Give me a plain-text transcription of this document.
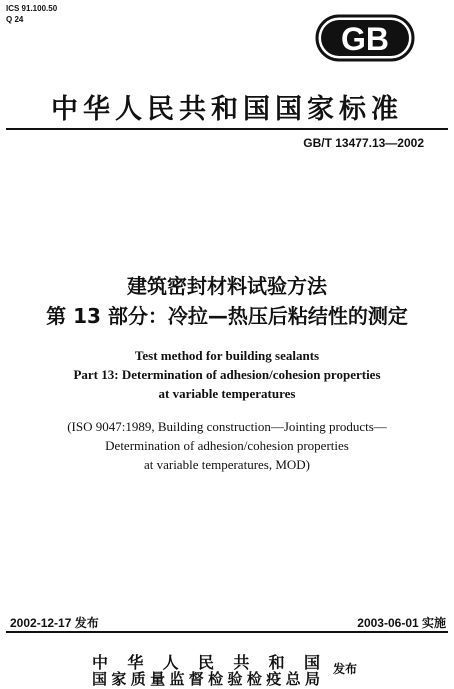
ICS 91.100.50
Q 24
GB
中华人民共和国国家标准
GB/T 13477.13—2002
建筑密封材料试验方法
第 13 部分：冷拉—热压后粘结性的测定
Test method for building sealants
Part 13: Determination of adhesion/cohesion properties
at variable temperatures
(ISO 9047:1989, Building construction—Jointing products—
Determination of adhesion/cohesion properties
at variable temperatures, MOD)
2002-12-17 发布	2003-06-01 实施
中 华 人 民 共 和 国
国家质量监督检验检疫总局
发布
